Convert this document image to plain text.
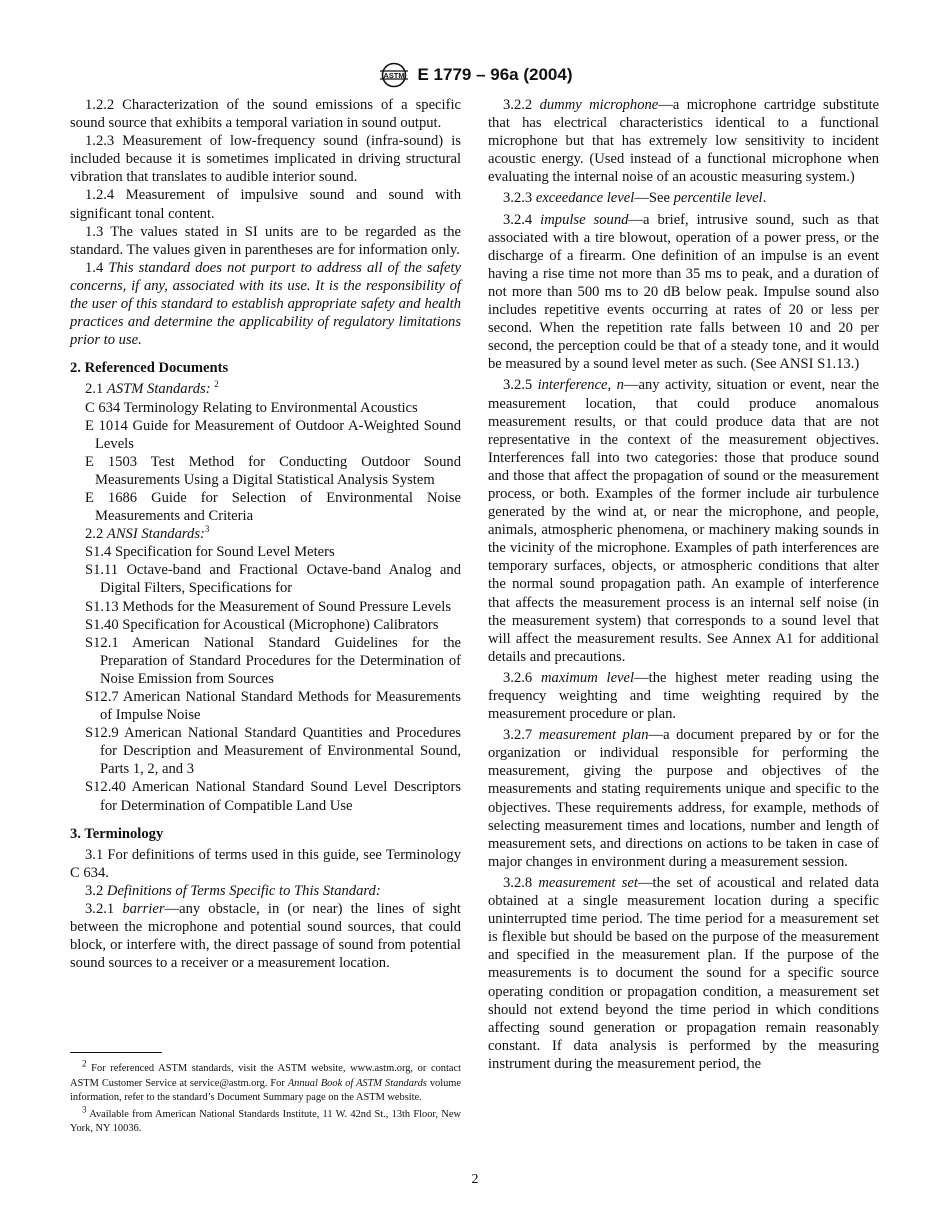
ASTM E 1779 – 96a (2004)

1.2.2 Characterization of the sound emissions of a specific sound source that exhibits a temporal variation in sound output.

1.2.3 Measurement of low-frequency sound (infra-sound) is included because it is sometimes implicated in driving structural vibration that translates to audible interior sound.

1.2.4 Measurement of impulsive sound and sound with significant tonal content.

1.3 The values stated in SI units are to be regarded as the standard. The values given in parentheses are for information only.

1.4 This standard does not purport to address all of the safety concerns, if any, associated with its use. It is the responsibility of the user of this standard to establish appropriate safety and health practices and determine the applicability of regulatory limitations prior to use.

2. Referenced Documents

2.1 ASTM Standards: $^2$

C 634 Terminology Relating to Environmental Acoustics
E 1014 Guide for Measurement of Outdoor A-Weighted Sound Levels
E 1503 Test Method for Conducting Outdoor Sound Measurements Using a Digital Statistical Analysis System
E 1686 Guide for Selection of Environmental Noise Measurements and Criteria

2.2 ANSI Standards:$^3$

S1.4 Specification for Sound Level Meters
S1.11 Octave-band and Fractional Octave-band Analog and Digital Filters, Specifications for
S1.13 Methods for the Measurement of Sound Pressure Levels
S1.40 Specification for Acoustical (Microphone) Calibrators
S12.1 American National Standard Guidelines for the Preparation of Standard Procedures for the Determination of Noise Emission from Sources
S12.7 American National Standard Methods for Measurements of Impulse Noise
S12.9 American National Standard Quantities and Procedures for Description and Measurement of Environmental Sound, Parts 1, 2, and 3
S12.40 American National Standard Sound Level Descriptors for Determination of Compatible Land Use

3. Terminology

3.1 For definitions of terms used in this guide, see Terminology C 634.

3.2 Definitions of Terms Specific to This Standard:

3.2.1 barrier—any obstacle, in (or near) the lines of sight between the microphone and potential sound sources, that could block, or interfere with, the direct passage of sound from potential sound sources to a receiver or a measurement location.

3.2.2 dummy microphone—a microphone cartridge substitute that has electrical characteristics identical to a functional microphone but that has extremely low sensitivity to incident acoustic energy. (Used instead of a functional microphone when evaluating the internal noise of an acoustic measuring system.)

3.2.3 exceedance level—See percentile level.

3.2.4 impulse sound—a brief, intrusive sound, such as that associated with a tire blowout, operation of a power press, or the discharge of a firearm. One definition of an impulse is an event having a rise time not more than 35 ms to peak, and a duration of not more than 500 ms to 20 dB below peak. Impulse sound also includes repetitive events occurring at rates of 20 or less per second. When the repetition rate falls between 10 and 20 per second, the perception could be that of a steady tone, and it would be measured by a sound level meter as such. (See ANSI S1.13.)

3.2.5 interference, n—any activity, situation or event, near the measurement location, that could produce anomalous measurement results, or that could produce data that are not representative in the context of the measurement objectives. Interferences fall into two categories: those that produce sound and those that affect the propagation of sound or the measurement process, or both. Examples of the former include air turbulence generated by the wind at, or near the microphone, and people, animals, atmospheric phenomena, or machinery making sounds in the vicinity of the microphone. Examples of path interferences are temporary surfaces, objects, or atmospheric conditions that alter the normal sound propagation path. An example of interference that affects the measurement process is an internal self noise (in the measurement system) that corresponds to a sound level that will affect the measurement results. See Annex A1 for additional details and precautions.

3.2.6 maximum level—the highest meter reading using the frequency weighting and time weighting required by the measurement procedure or plan.

3.2.7 measurement plan—a document prepared by or for the organization or individual responsible for performing the measurement, giving the purpose and objectives of the measurements and stating requirements unique and specific to the objectives. These requirements address, for example, methods of selecting measurement times and locations, number and length of measurement sets, and directions on actions to be taken in case of major changes in environment during a measurement session.

3.2.8 measurement set—the set of acoustical and related data obtained at a single measurement location during a specific uninterrupted time period. The time period for a measurement set is flexible but should be based on the purpose of the measurement and specified in the measurement plan. If the purpose of the measurements is to document the sound for a specific source operating condition or propagation condition, a measurement set should not extend beyond the time period in which conditions affecting sound generation or propagation remain reasonably constant. If data analysis is performed by the measuring instrument during the measurement period, the

$^2$ For referenced ASTM standards, visit the ASTM website, www.astm.org, or contact ASTM Customer Service at service@astm.org. For Annual Book of ASTM Standards volume information, refer to the standard’s Document Summary page on the ASTM website.

$^3$ Available from American National Standards Institute, 11 W. 42nd St., 13th Floor, New York, NY 10036.

2
